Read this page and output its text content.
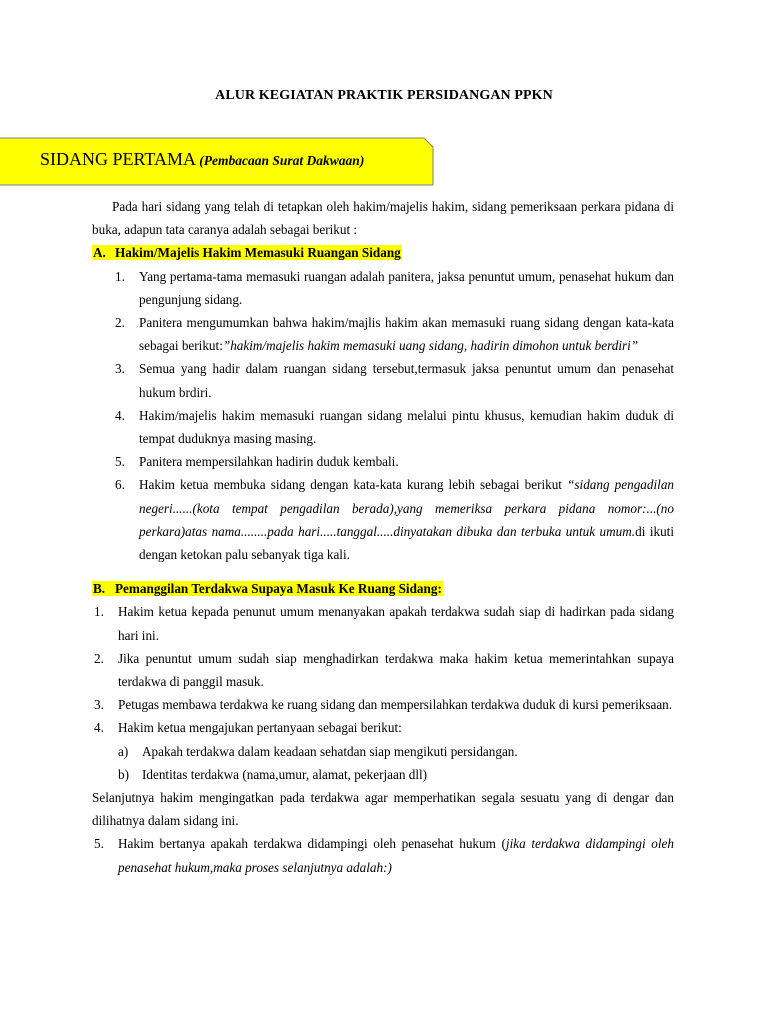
ALUR KEGIATAN PRAKTIK PERSIDANGAN PPKN
SIDANG PERTAMA (Pembacaan Surat Dakwaan)

Pada hari sidang yang telah di tetapkan oleh hakim/majelis hakim, sidang pemeriksaan perkara pidana di buka, adapun tata caranya adalah sebagai berikut :

A. Hakim/Majelis Hakim Memasuki Ruangan Sidang
1. Yang pertama-tama memasuki ruangan adalah panitera, jaksa penuntut umum, penasehat hukum dan pengunjung sidang.
2. Panitera mengumumkan bahwa hakim/majlis hakim akan memasuki ruang sidang dengan kata-kata sebagai berikut:”hakim/majelis hakim memasuki uang sidang, hadirin dimohon untuk berdiri”
3. Semua yang hadir dalam ruangan sidang tersebut,termasuk jaksa penuntut umum dan penasehat hukum brdiri.
4. Hakim/majelis hakim memasuki ruangan sidang melalui pintu khusus, kemudian hakim duduk di tempat duduknya masing masing.
5. Panitera mempersilahkan hadirin duduk kembali.
6. Hakim ketua membuka sidang dengan kata-kata kurang lebih sebagai berikut “sidang pengadilan negeri......(kota tempat pengadilan berada),yang memeriksa perkara pidana nomor:...(no perkara)atas nama........pada hari.....tanggal.....dinyatakan dibuka dan terbuka untuk umum.di ikuti dengan ketokan palu sebanyak tiga kali.
B. Pemanggilan Terdakwa Supaya Masuk Ke Ruang Sidang:
1. Hakim ketua kepada penunut umum menanyakan apakah terdakwa sudah siap di hadirkan pada sidang hari ini.
2. Jika penuntut umum sudah siap menghadirkan terdakwa maka hakim ketua memerintahkan supaya terdakwa di panggil masuk.
3. Petugas membawa terdakwa ke ruang sidang dan mempersilahkan terdakwa duduk di kursi pemeriksaan.
4. Hakim ketua mengajukan pertanyaan sebagai berikut:
a) Apakah terdakwa dalam keadaan sehatdan siap mengikuti persidangan.
b) Identitas terdakwa (nama,umur, alamat, pekerjaan dll)

Selanjutnya hakim mengingatkan pada terdakwa agar memperhatikan segala sesuatu yang di dengar dan dilihatnya dalam sidang ini.

5. Hakim bertanya apakah terdakwa didampingi oleh penasehat hukum (jika terdakwa didampingi oleh penasehat hukum,maka proses selanjutnya adalah:)
